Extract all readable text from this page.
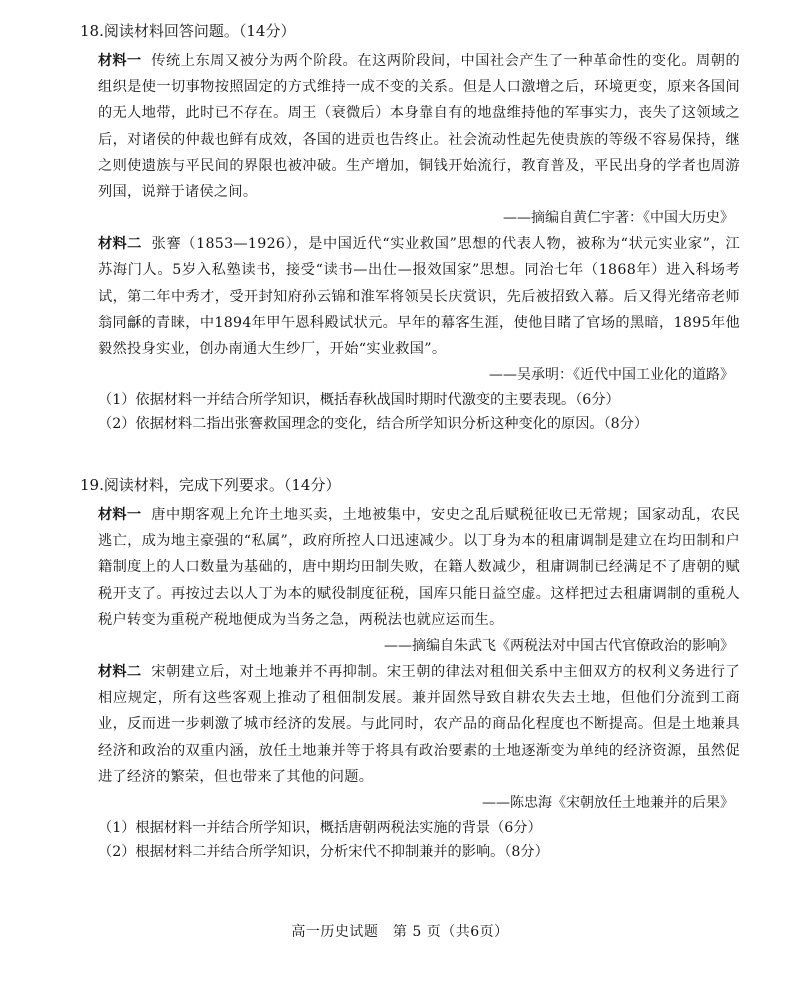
18.阅读材料回答问题。（14分）
材料一 传统上东周又被分为两个阶段。在这两阶段间，中国社会产生了一种革命性的变化。周朝的组织是使一切事物按照固定的方式维持一成不变的关系。但是人口激增之后，环境更变，原来各国间的无人地带，此时已不存在。周王（衰微后）本身靠自有的地盘维持他的军事实力，丧失了这领域之后，对诸侯的仲裁也鲜有成效，各国的进贡也告终止。社会流动性起先使贵族的等级不容易保持，继之则使遗族与平民间的界限也被冲破。生产增加，铜钱开始流行，教育普及，平民出身的学者也周游列国，说辩于诸侯之间。
——摘编自黄仁宇著：《中国大历史》
材料二 张謇（1853—1926），是中国近代“实业救国”思想的代表人物，被称为“状元实业家”，江苏海门人。5岁入私塾读书，接受“读书—出仕—报效国家”思想。同治七年（1868年）进入科场考试，第二年中秀才，受开封知府孙云锦和淮军将领吴长庆赏识，先后被招致入幕。后又得光绪帝老师翁同龢的青睐，中1894年甲午恩科殿试状元。早年的幕客生涯，使他目睹了官场的黑暗，1895年他毅然投身实业，创办南通大生纱厂，开始“实业救国”。
——吴承明：《近代中国工业化的道路》
（1）依据材料一并结合所学知识，概括春秋战国时期时代激变的主要表现。（6分）
（2）依据材料二指出张謇救国理念的变化，结合所学知识分析这种变化的原因。（8分）
19.阅读材料，完成下列要求。（14分）
材料一 唐中期客观上允许土地买卖，土地被集中，安史之乱后赋税征收已无常规；国家动乱，农民逃亡，成为地主豪强的“私属”，政府所控人口迅速减少。以丁身为本的租庸调制是建立在均田制和户籍制度上的人口数量为基础的，唐中期均田制失败，在籍人数减少，租庸调制已经满足不了唐朝的赋税开支了。再按过去以人丁为本的赋役制度征税，国库只能日益空虚。这样把过去租庸调制的重税人税户转变为重税产税地便成为当务之急，两税法也就应运而生。
——摘编自朱武飞《两税法对中国古代官僚政治的影响》
材料二 宋朝建立后，对土地兼并不再抑制。宋王朝的律法对租佃关系中主佃双方的权利义务进行了相应规定，所有这些客观上推动了租佃制发展。兼并固然导致自耕农失去土地，但他们分流到工商业，反而进一步刺激了城市经济的发展。与此同时，农产品的商品化程度也不断提高。但是土地兼具经济和政治的双重内涵，放任土地兼并等于将具有政治要素的土地逐渐变为单纯的经济资源，虽然促进了经济的繁荣，但也带来了其他的问题。
——陈忠海《宋朝放任土地兼并的后果》
（1）根据材料一并结合所学知识，概括唐朝两税法实施的背景（6分）
（2）根据材料二并结合所学知识，分析宋代不抑制兼并的影响。（8分）
高一历史试题　第 5 页（共6页）
